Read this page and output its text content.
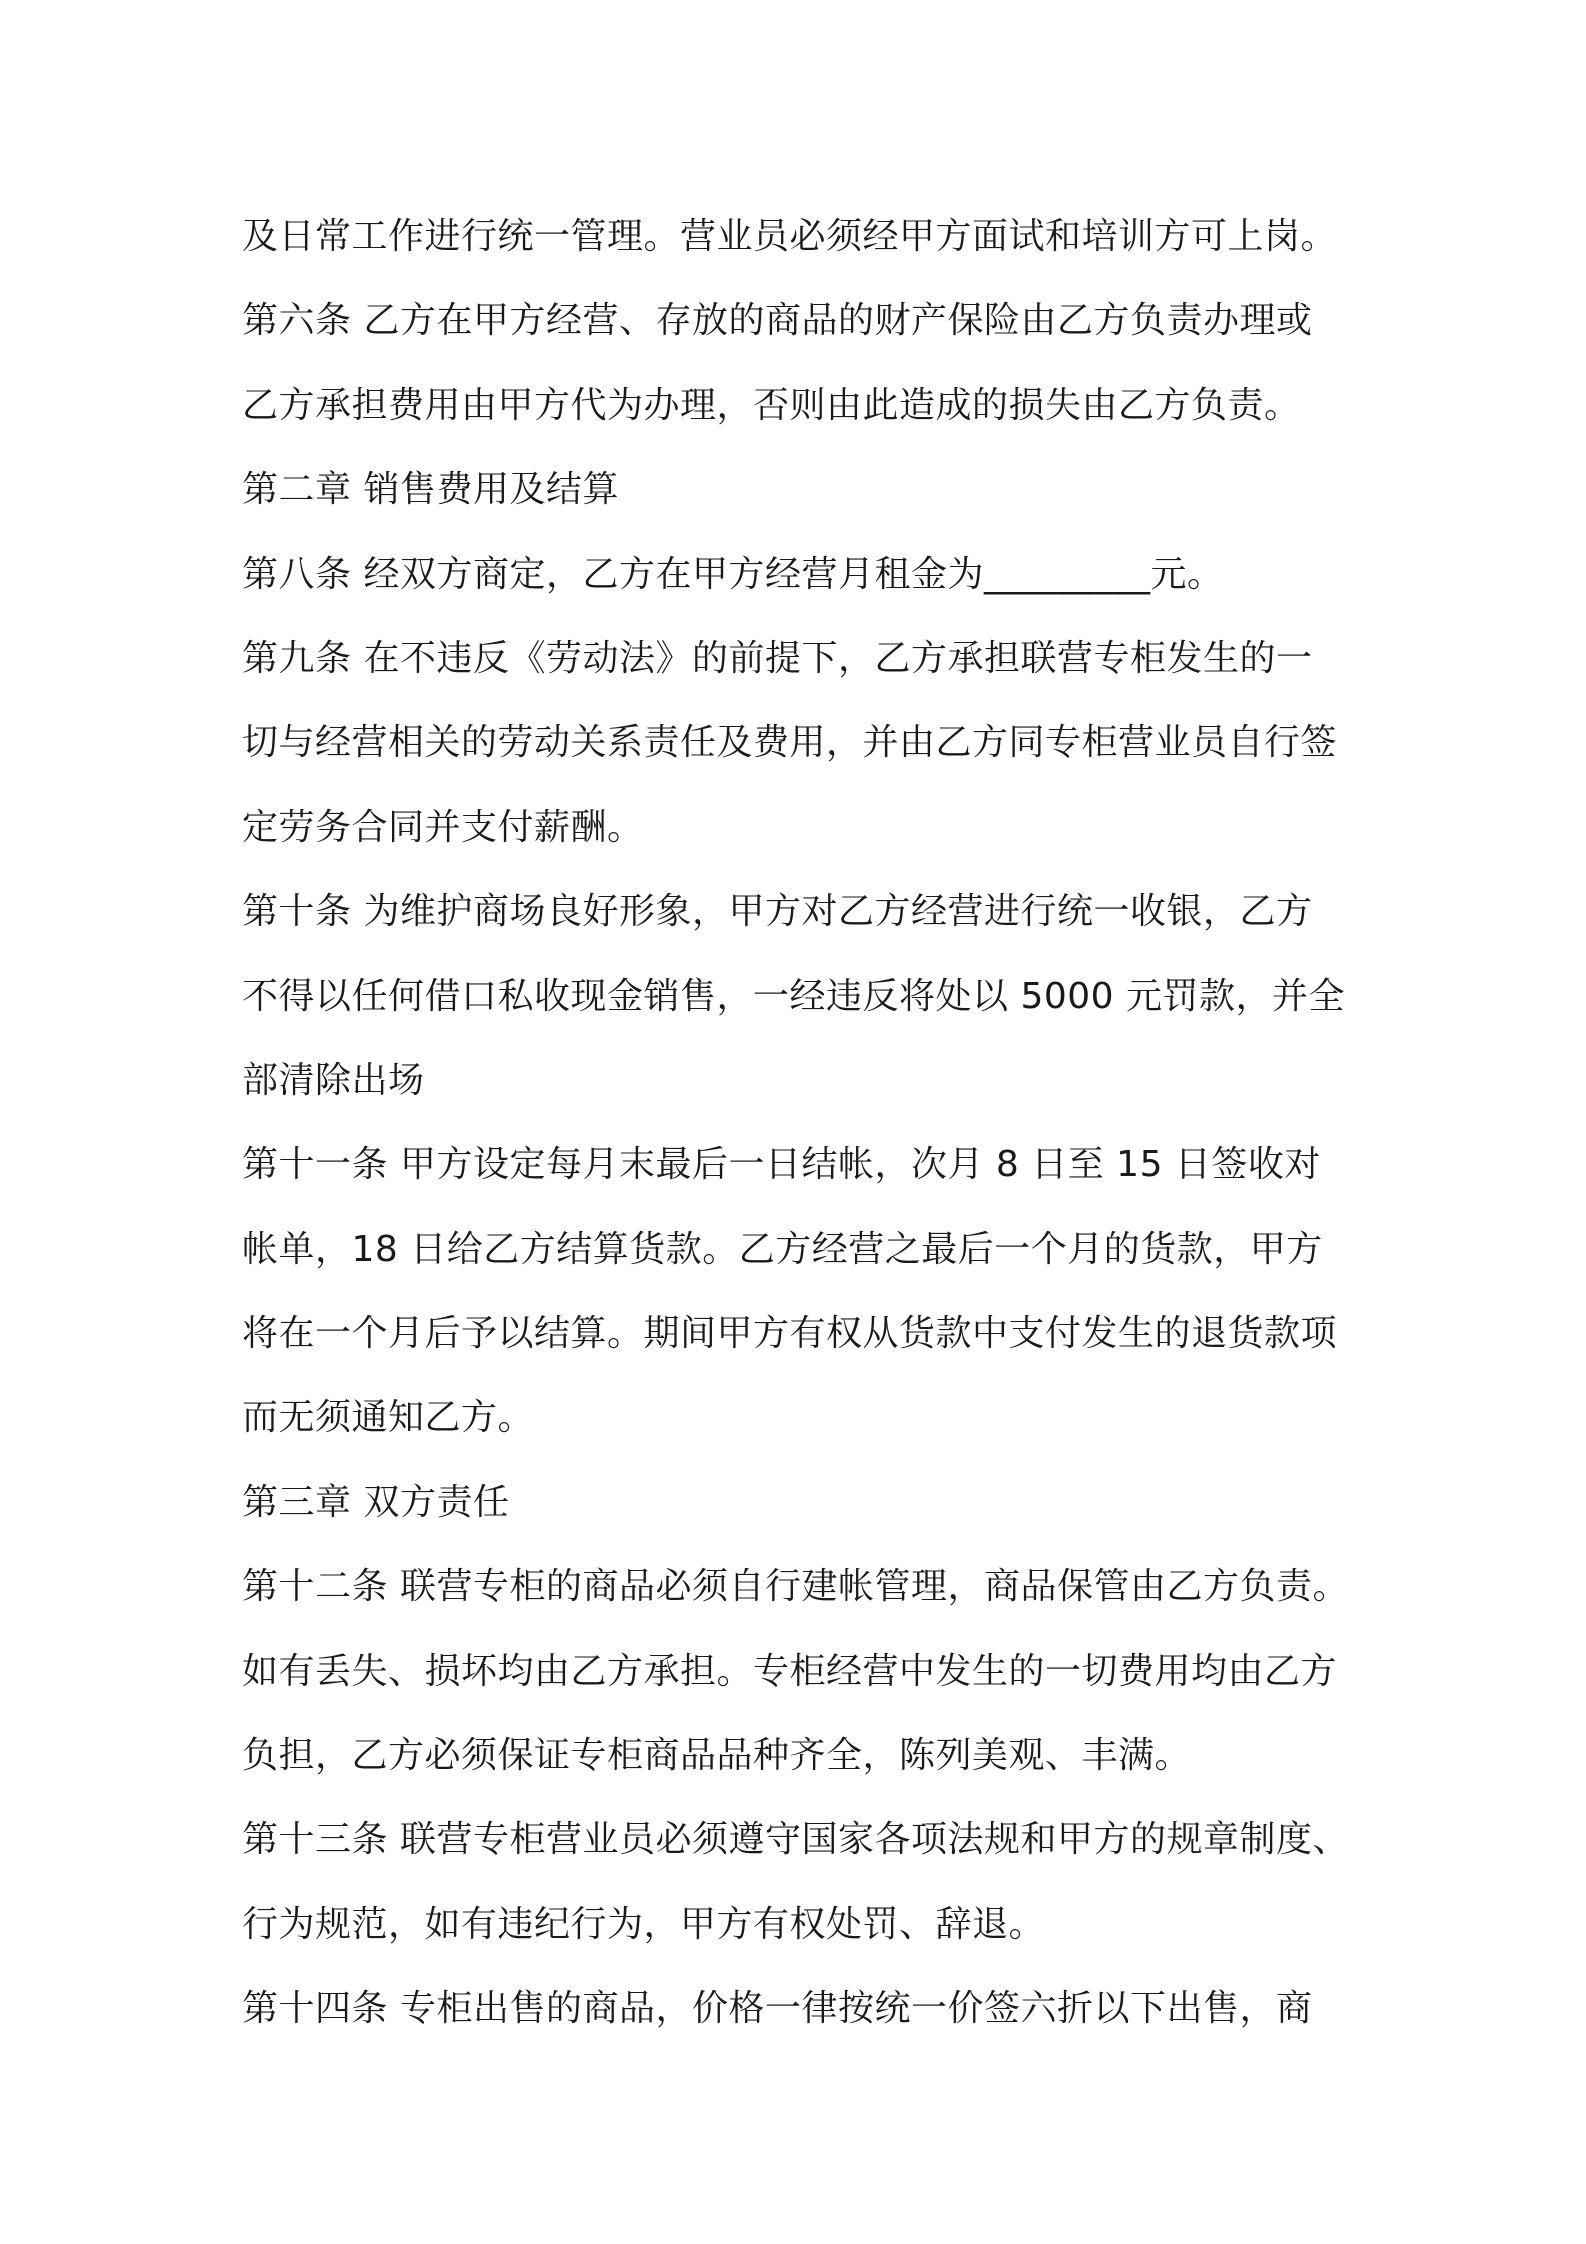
及日常工作进行统一管理。营业员必须经甲方面试和培训方可上岗。
第六条 乙方在甲方经营、存放的商品的财产保险由乙方负责办理或
乙方承担费用由甲方代为办理，否则由此造成的损失由乙方负责。
第二章 销售费用及结算
第八条 经双方商定，乙方在甲方经营月租金为_________元。
第九条 在不违反《劳动法》的前提下，乙方承担联营专柜发生的一
切与经营相关的劳动关系责任及费用，并由乙方同专柜营业员自行签
定劳务合同并支付薪酬。
第十条 为维护商场良好形象，甲方对乙方经营进行统一收银，乙方
不得以任何借口私收现金销售，一经违反将处以 5000 元罚款，并全
部清除出场
第十一条 甲方设定每月末最后一日结帐，次月 8 日至 15 日签收对
帐单，18 日给乙方结算货款。乙方经营之最后一个月的货款，甲方
将在一个月后予以结算。期间甲方有权从货款中支付发生的退货款项
而无须通知乙方。
第三章 双方责任
第十二条 联营专柜的商品必须自行建帐管理，商品保管由乙方负责。
如有丢失、损坏均由乙方承担。专柜经营中发生的一切费用均由乙方
负担，乙方必须保证专柜商品品种齐全，陈列美观、丰满。
第十三条 联营专柜营业员必须遵守国家各项法规和甲方的规章制度、
行为规范，如有违纪行为，甲方有权处罚、辞退。
第十四条 专柜出售的商品，价格一律按统一价签六折以下出售，商
